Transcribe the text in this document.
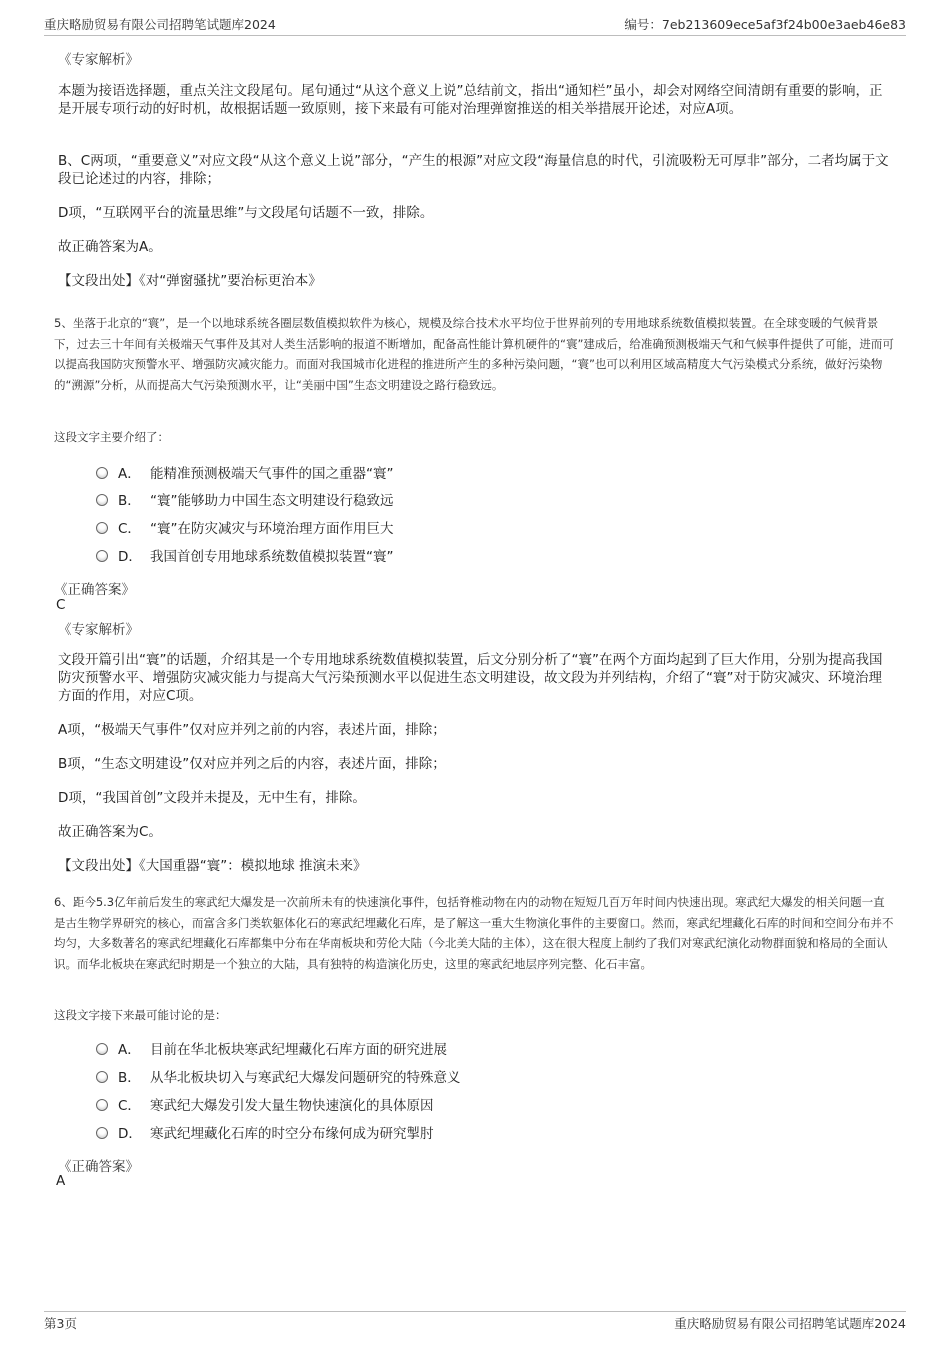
重庆略励贸易有限公司招聘笔试题库2024	编号：7eb213609ece5af3f24b00e3aeb46e83
《专家解析》
本题为接语选择题，重点关注文段尾句。尾句通过“从这个意义上说”总结前文，指出“通知栏”虽小，却会对网络空间清朗有重要的影响，正是开展专项行动的好时机，故根据话题一致原则，接下来最有可能对治理弹窗推送的相关举措展开论述，对应A项。
B、C两项，“重要意义”对应文段“从这个意义上说”部分，“产生的根源”对应文段“海量信息的时代，引流吸粉无可厚非”部分，二者均属于文段已论述过的内容，排除；
D项，“互联网平台的流量思维”与文段尾句话题不一致，排除。
故正确答案为A。
【文段出处】《对“弹窗骚扰”要治标更治本》
5、坐落于北京的“寰”，是一个以地球系统各圈层数值模拟软件为核心，规模及综合技术水平均位于世界前列的专用地球系统数值模拟装置。在全球变暖的气候背景下，过去三十年间有关极端天气事件及其对人类生活影响的报道不断增加，配备高性能计算机硬件的“寰”建成后，给准确预测极端天气和气候事件提供了可能，进而可以提高我国防灾预警水平、增强防灾减灾能力。而面对我国城市化进程的推进所产生的多种污染问题，“寰”也可以利用区域高精度大气污染模式分系统，做好污染物的“溯源”分析，从而提高大气污染预测水平，让“美丽中国”生态文明建设之路行稳致远。
这段文字主要介绍了：
A． 能精准预测极端天气事件的国之重器“寰”
B． “寰”能够助力中国生态文明建设行稳致远
C． “寰”在防灾减灾与环境治理方面作用巨大
D． 我国首创专用地球系统数值模拟装置“寰”
《正确答案》
C
《专家解析》
文段开篇引出“寰”的话题，介绍其是一个专用地球系统数值模拟装置，后文分别分析了“寰”在两个方面均起到了巨大作用，分别为提高我国防灾预警水平、增强防灾减灾能力与提高大气污染预测水平以促进生态文明建设，故文段为并列结构，介绍了“寰”对于防灾减灾、环境治理方面的作用，对应C项。
A项，“极端天气事件”仅对应并列之前的内容，表述片面，排除；
B项，“生态文明建设”仅对应并列之后的内容，表述片面，排除；
D项，“我国首创”文段并未提及，无中生有，排除。
故正确答案为C。
【文段出处】《大国重器“寰”：模拟地球 推演未来》
6、距今5.3亿年前后发生的寒武纪大爆发是一次前所未有的快速演化事件，包括脊椎动物在内的动物在短短几百万年时间内快速出现。寒武纪大爆发的相关问题一直是古生物学界研究的核心，而富含多门类软躯体化石的寒武纪埋藏化石库，是了解这一重大生物演化事件的主要窗口。然而，寒武纪埋藏化石库的时间和空间分布并不均匀，大多数著名的寒武纪埋藏化石库都集中分布在华南板块和劳伦大陆（今北美大陆的主体），这在很大程度上制约了我们对寒武纪演化动物群面貌和格局的全面认识。而华北板块在寒武纪时期是一个独立的大陆，具有独特的构造演化历史，这里的寒武纪地层序列完整、化石丰富。
这段文字接下来最可能讨论的是：
A． 目前在华北板块寒武纪埋藏化石库方面的研究进展
B． 从华北板块切入与寒武纪大爆发问题研究的特殊意义
C． 寒武纪大爆发引发大量生物快速演化的具体原因
D． 寒武纪埋藏化石库的时空分布缘何成为研究掣肘
《正确答案》
A
第3页	重庆略励贸易有限公司招聘笔试题库2024
